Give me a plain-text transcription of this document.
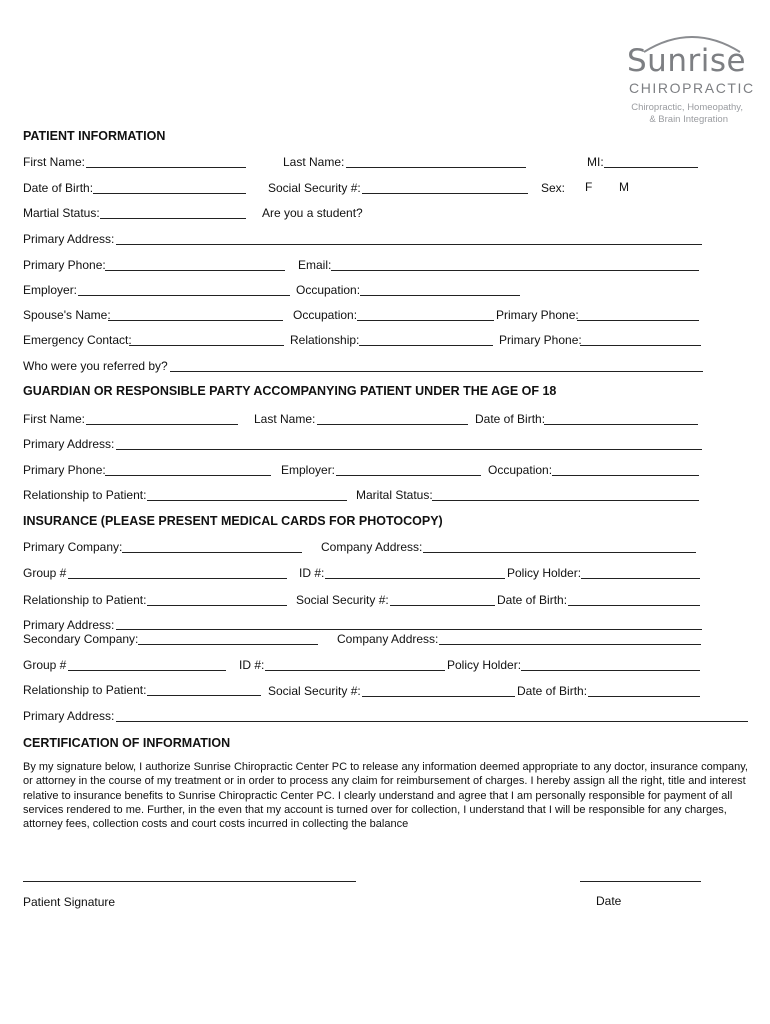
Sunrise
CHIROPRACTIC
Chiropractic, Homeopathy,
& Brain Integration
PATIENT INFORMATION
First Name:	Last Name:	MI:
Date of Birth:	Social Security #:	Sex: F M
Martial Status:	Are you a student?
Primary Address:
Primary Phone:	Email:
Employer:	Occupation:
Spouse's Name:	Occupation:	Primary Phone:
Emergency Contact:	Relationship:	Primary Phone:
Who were you referred by?
GUARDIAN OR RESPONSIBLE PARTY ACCOMPANYING PATIENT UNDER THE AGE OF 18
First Name:	Last Name:	Date of Birth:
Primary Address:
Primary Phone:	Employer:	Occupation:
Relationship to Patient:	Marital Status:
INSURANCE (PLEASE PRESENT MEDICAL CARDS FOR PHOTOCOPY)
Primary Company:	Company Address:
Group #	ID #:	Policy Holder:
Relationship to Patient:	Social Security #:	Date of Birth:
Primary Address:
Secondary Company:	Company Address:
Group #	ID #:	Policy Holder:
Relationship to Patient:	Social Security #:	Date of Birth:
Primary Address:
CERTIFICATION OF INFORMATION
By my signature below, I authorize Sunrise Chiropractic Center PC to release any information deemed appropriate to any doctor, insurance company, or attorney in the course of my treatment or in order to process any claim for reimbursement of charges. I hereby assign all the right, title and interest relative to insurance benefits to Sunrise Chiropractic Center PC. I clearly understand and agree that I am personally responsible for payment of all services rendered to me. Further, in the even that my account is turned over for collection, I understand that I will be responsible for any charges, attorney fees, collection costs and court costs incurred in collecting the balance
Patient Signature	Date
